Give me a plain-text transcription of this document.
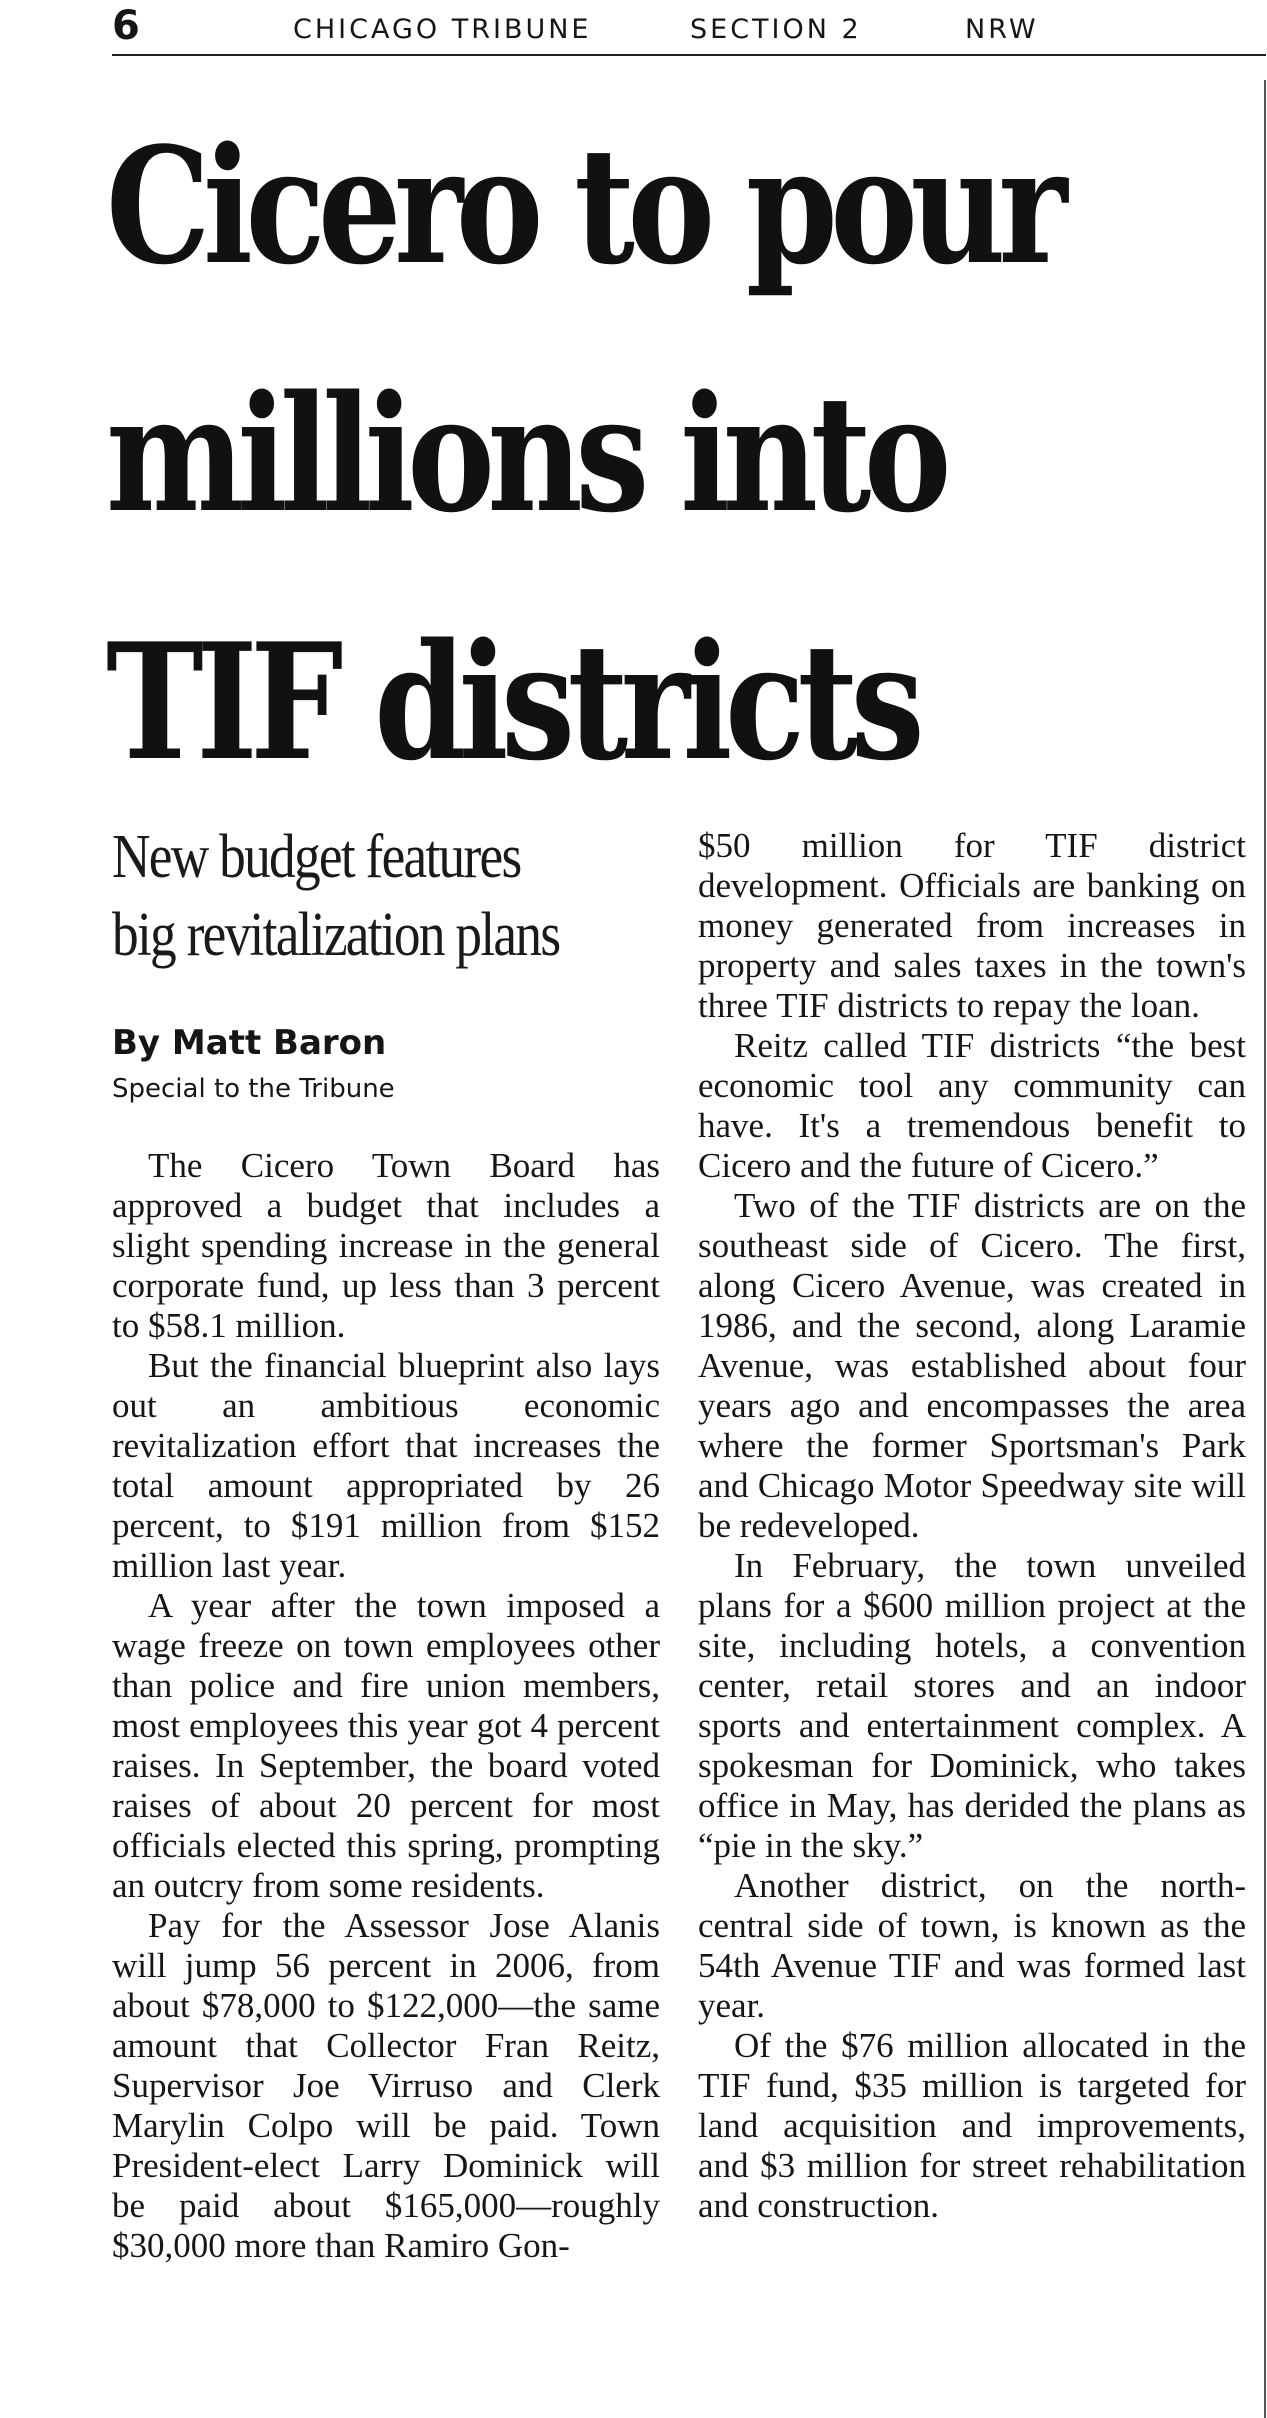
6	CHICAGO TRIBUNE	SECTION 2	NRW
Cicero to pour
millions into
TIF districts
New budget features
big revitalization plans
By Matt Baron
Special to the Tribune

The Cicero Town Board has approved a budget that includes a slight spending increase in the general corporate fund, up less than 3 percent to $58.1 million.

But the financial blueprint also lays out an ambitious economic revitalization effort that increases the total amount appropriated by 26 percent, to $191 million from $152 million last year.

A year after the town imposed a wage freeze on town employees other than police and fire union members, most employees this year got 4 percent raises. In September, the board voted raises of about 20 percent for most officials elected this spring, prompting an outcry from some residents.

Pay for the Assessor Jose Alanis will jump 56 percent in 2006, from about $78,000 to $122,000—the same amount that Collector Fran Reitz, Supervisor Joe Virruso and Clerk Marylin Colpo will be paid. Town President-elect Larry Dominick will be paid about $165,000—roughly $30,000 more than Ramiro Gon-

$50 million for TIF district development. Officials are banking on money generated from increases in property and sales taxes in the town's three TIF districts to repay the loan.

Reitz called TIF districts “the best economic tool any community can have. It's a tremendous benefit to Cicero and the future of Cicero.”

Two of the TIF districts are on the southeast side of Cicero. The first, along Cicero Avenue, was created in 1986, and the second, along Laramie Avenue, was established about four years ago and encompasses the area where the former Sportsman's Park and Chicago Motor Speedway site will be redeveloped.

In February, the town unveiled plans for a $600 million project at the site, including hotels, a convention center, retail stores and an indoor sports and entertainment complex. A spokesman for Dominick, who takes office in May, has derided the plans as “pie in the sky.”

Another district, on the north-central side of town, is known as the 54th Avenue TIF and was formed last year.

Of the $76 million allocated in the TIF fund, $35 million is targeted for land acquisition and improvements, and $3 million for street rehabilitation and construction.
